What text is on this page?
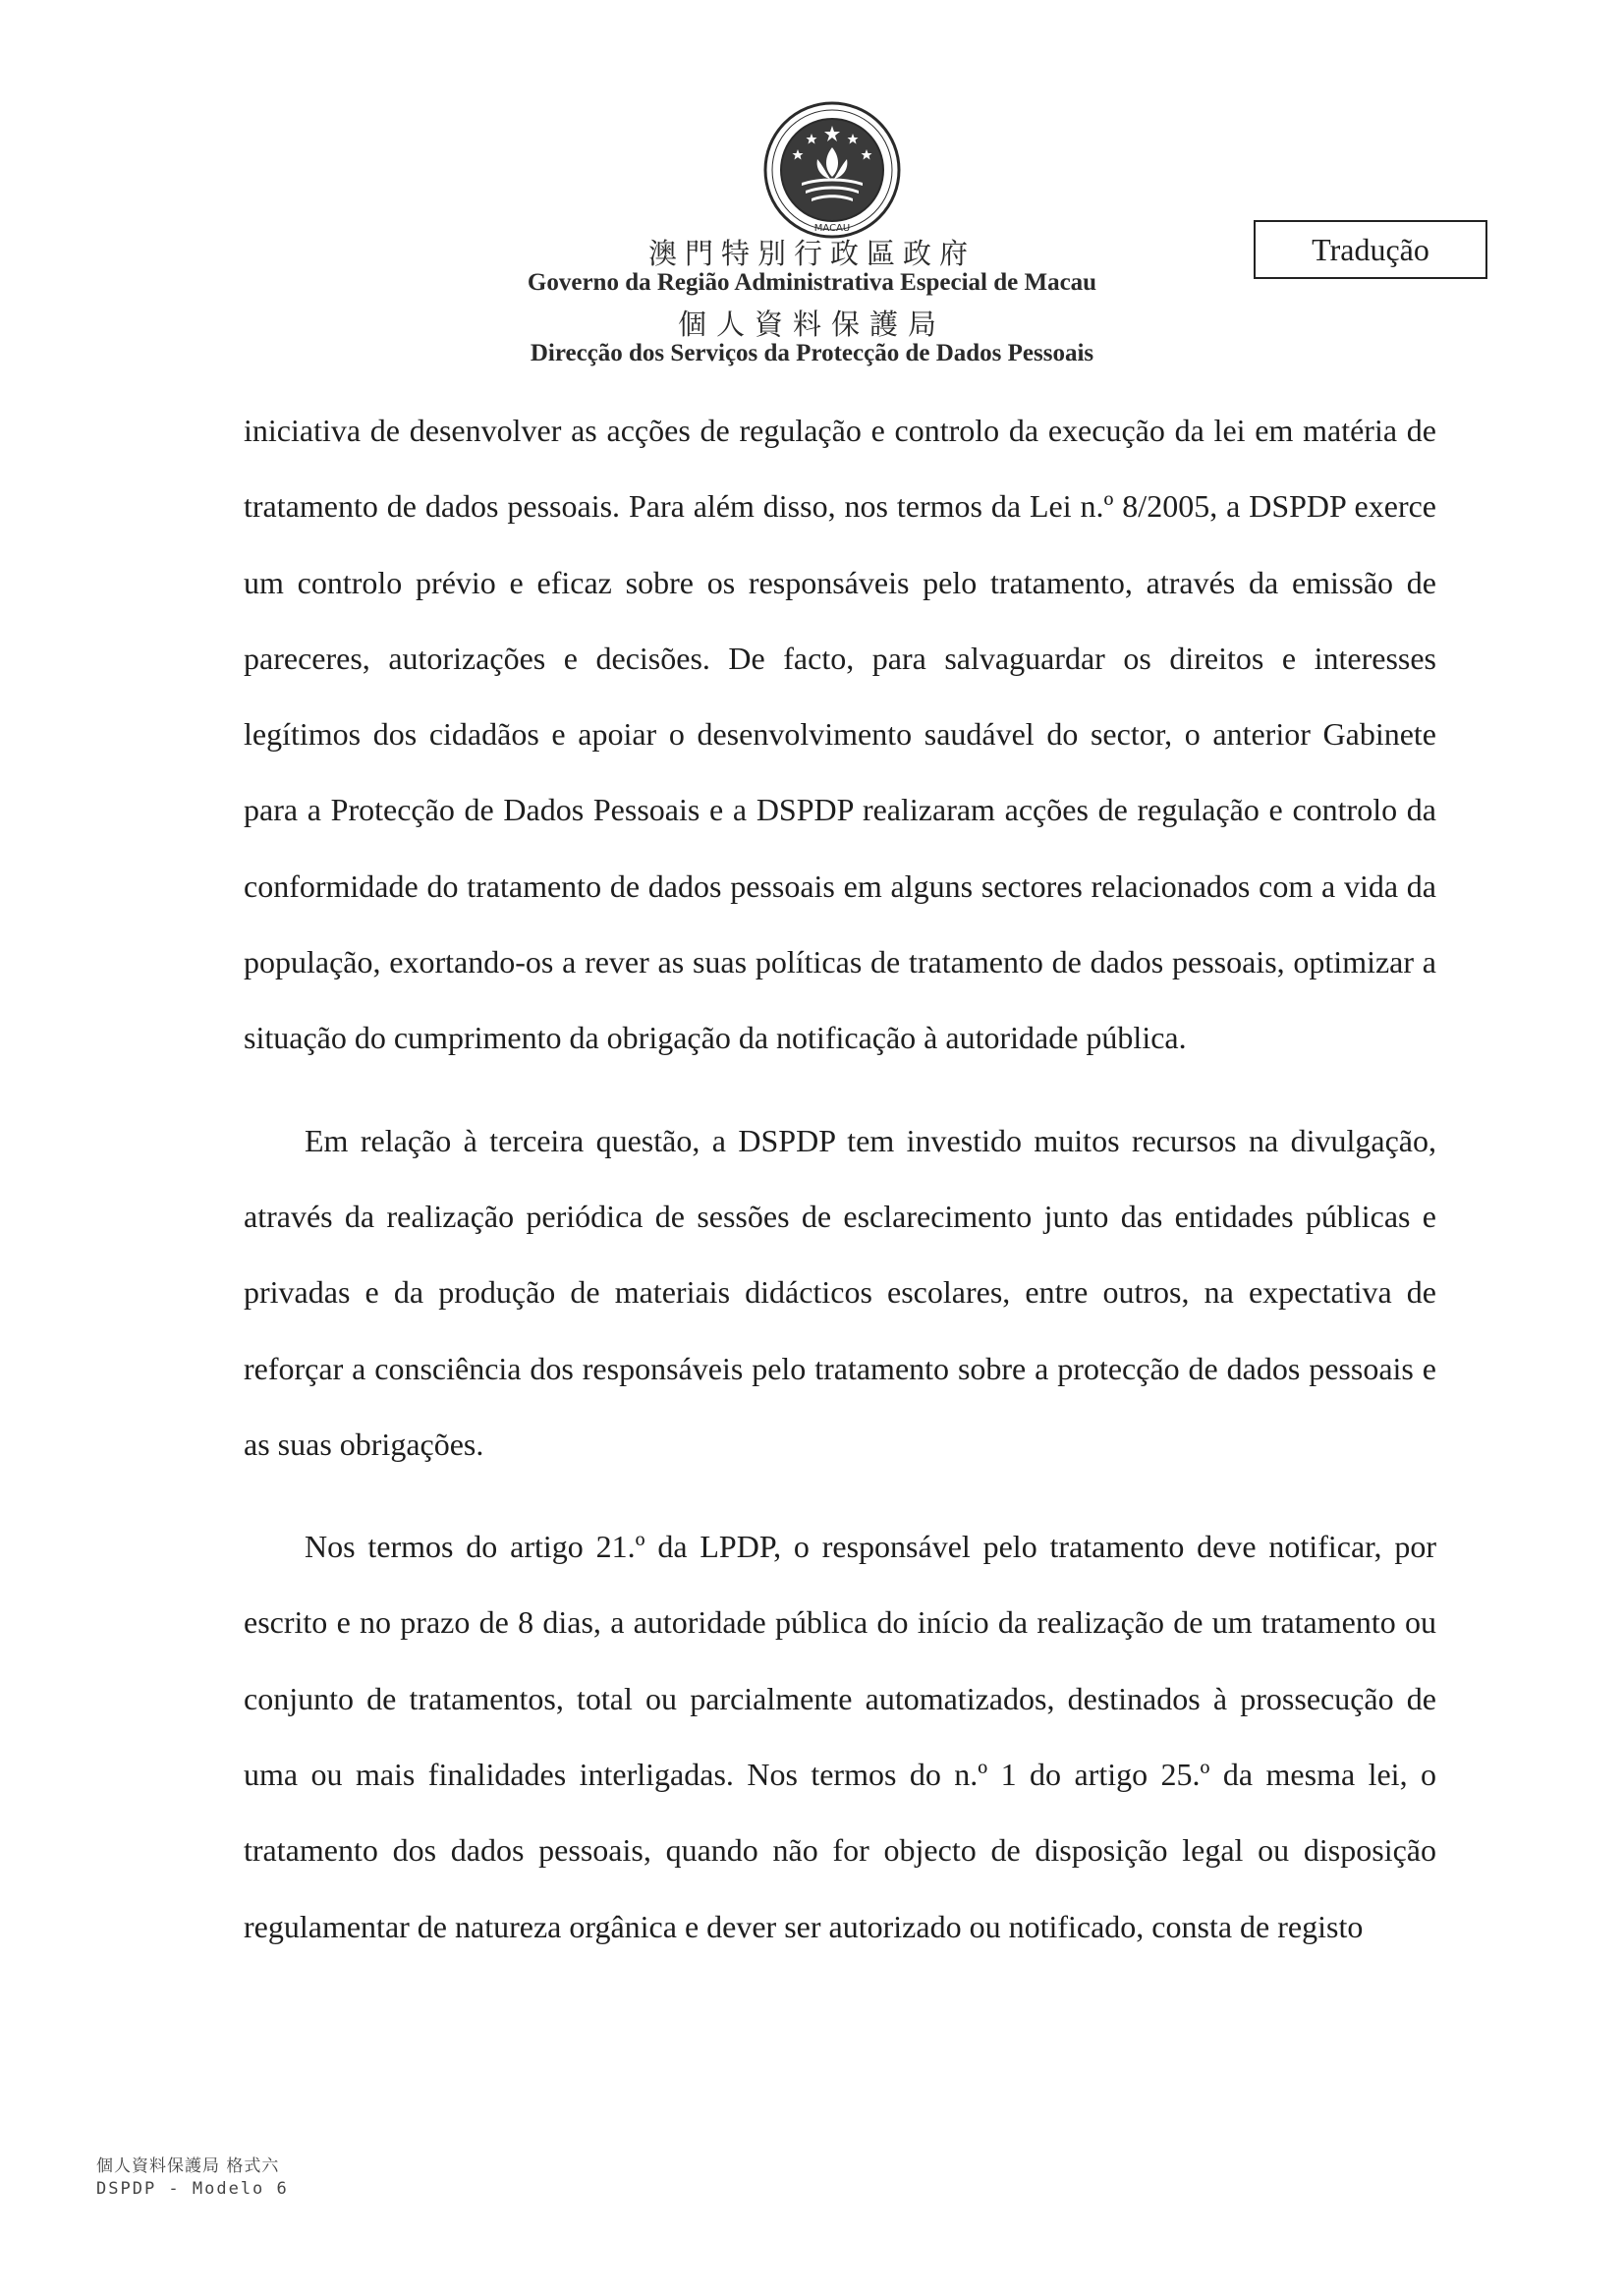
MACAU
澳門特別行政區政府
Governo da Região Administrativa Especial de Macau
個人資料保護局
Direcção dos Serviços da Protecção de Dados Pessoais
Tradução

iniciativa de desenvolver as acções de regulação e controlo da execução da lei em matéria de tratamento de dados pessoais. Para além disso, nos termos da Lei n.º 8/2005, a DSPDP exerce um controlo prévio e eficaz sobre os responsáveis pelo tratamento, através da emissão de pareceres, autorizações e decisões. De facto, para salvaguardar os direitos e interesses legítimos dos cidadãos e apoiar o desenvolvimento saudável do sector, o anterior Gabinete para a Protecção de Dados Pessoais e a DSPDP realizaram acções de regulação e controlo da conformidade do tratamento de dados pessoais em alguns sectores relacionados com a vida da população, exortando-os a rever as suas políticas de tratamento de dados pessoais, optimizar a situação do cumprimento da obrigação da notificação à autoridade pública.

Em relação à terceira questão, a DSPDP tem investido muitos recursos na divulgação, através da realização periódica de sessões de esclarecimento junto das entidades públicas e privadas e da produção de materiais didácticos escolares, entre outros, na expectativa de reforçar a consciência dos responsáveis pelo tratamento sobre a protecção de dados pessoais e as suas obrigações.

Nos termos do artigo 21.º da LPDP, o responsável pelo tratamento deve notificar, por escrito e no prazo de 8 dias, a autoridade pública do início da realização de um tratamento ou conjunto de tratamentos, total ou parcialmente automatizados, destinados à prossecução de uma ou mais finalidades interligadas. Nos termos do n.º 1 do artigo 25.º da mesma lei, o tratamento dos dados pessoais, quando não for objecto de disposição legal ou disposição regulamentar de natureza orgânica e dever ser autorizado ou notificado, consta de registo

個人資料保護局 格式六
DSPDP - Modelo 6
